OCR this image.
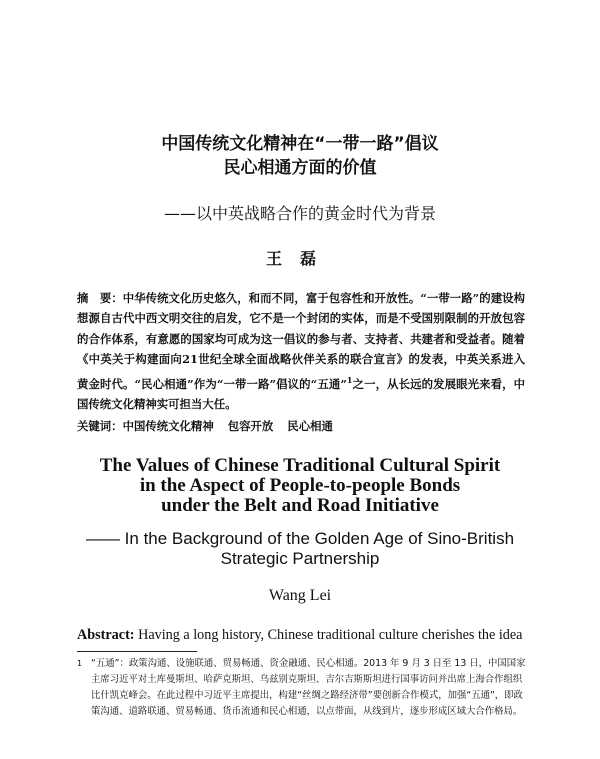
中国传统文化精神在“一带一路”倡议
民心相通方面的价值
——以中英战略合作的黄金时代为背景
王磊
摘　要：中华传统文化历史悠久，和而不同，富于包容性和开放性。“一带一路”的建设构想源自古代中西文明交往的启发，它不是一个封闭的实体，而是不受国别限制的开放包容的合作体系，有意愿的国家均可成为这一倡议的参与者、支持者、共建者和受益者。随着《中英关于构建面向21世纪全球全面战略伙伴关系的联合宣言》的发表，中英关系进入黄金时代。“民心相通”作为“一带一路”倡议的“五通”$^1$之一，从长远的发展眼光来看，中国传统文化精神实可担当大任。
关键词：中国传统文化精神 包容开放 民心相通
The Values of Chinese Traditional Cultural Spirit
in the Aspect of People-to-people Bonds
under the Belt and Road Initiative
—— In the Background of the Golden Age of Sino-British
Strategic Partnership
Wang Lei
Abstract: Having a long history, Chinese traditional culture cherishes the idea
1 “五通”：政策沟通、设施联通、贸易畅通、资金融通、民心相通。2013 年 9 月 3 日至 13 日，中国国家主席习近平对土库曼斯坦、哈萨克斯坦、乌兹别克斯坦、吉尔吉斯斯坦进行国事访问并出席上海合作组织比什凯克峰会。在此过程中习近平主席提出，构建“丝绸之路经济带”要创新合作模式，加强“五通”，即政策沟通、道路联通、贸易畅通、货币流通和民心相通，以点带面，从线到片，逐步形成区域大合作格局。
